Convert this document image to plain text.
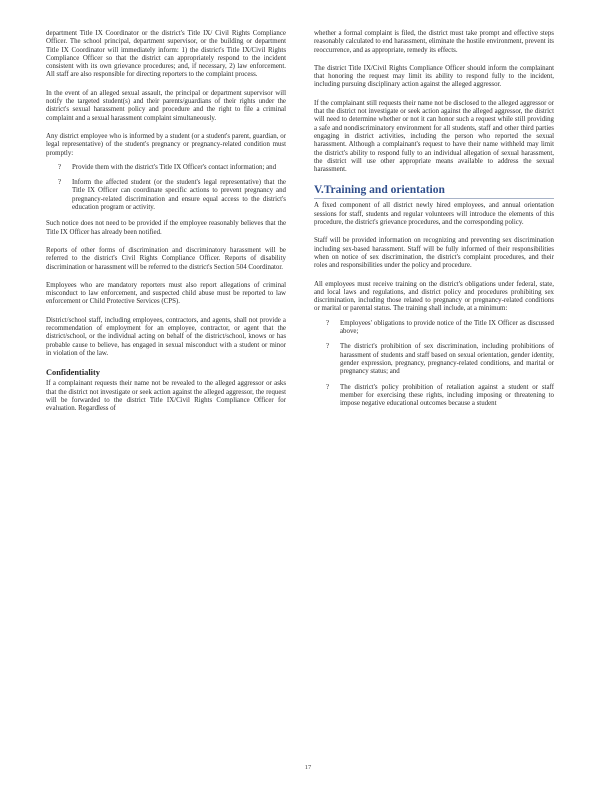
department Title IX Coordinator or the district's Title IX/ Civil Rights Compliance Officer. The school principal, department supervisor, or the building or department Title IX Coordinator will immediately inform: 1) the district's Title IX/Civil Rights Compliance Officer so that the district can appropriately respond to the incident consistent with its own grievance procedures; and, if necessary, 2) law enforcement. All staff are also responsible for directing reporters to the complaint process.

In the event of an alleged sexual assault, the principal or department supervisor will notify the targeted student(s) and their parents/guardians of their rights under the district's sexual harassment policy and procedure and the right to file a criminal complaint and a sexual harassment complaint simultaneously.

Any district employee who is informed by a student (or a student's parent, guardian, or legal representative) of the student's pregnancy or pregnancy-related condition must promptly:

? Provide them with the district's Title IX Officer's contact information; and
? Inform the affected student (or the student's legal representative) that the Title IX Officer can coordinate specific actions to prevent pregnancy and pregnancy-related discrimination and ensure equal access to the district's education program or activity.

Such notice does not need to be provided if the employee reasonably believes that the Title IX Officer has already been notified.

Reports of other forms of discrimination and discriminatory harassment will be referred to the district's Civil Rights Compliance Officer. Reports of disability discrimination or harassment will be referred to the district's Section 504 Coordinator.

Employees who are mandatory reporters must also report allegations of criminal misconduct to law enforcement, and suspected child abuse must be reported to law enforcement or Child Protective Services (CPS).

District/school staff, including employees, contractors, and agents, shall not provide a recommendation of employment for an employee, contractor, or agent that the district/school, or the individual acting on behalf of the district/school, knows or has probable cause to believe, has engaged in sexual misconduct with a student or minor in violation of the law.

Confidentiality

If a complainant requests their name not be revealed to the alleged aggressor or asks that the district not investigate or seek action against the alleged aggressor, the request will be forwarded to the district Title IX/Civil Rights Compliance Officer for evaluation. Regardless of

whether a formal complaint is filed, the district must take prompt and effective steps reasonably calculated to end harassment, eliminate the hostile environment, prevent its reoccurrence, and as appropriate, remedy its effects.

The district Title IX/Civil Rights Compliance Officer should inform the complainant that honoring the request may limit its ability to respond fully to the incident, including pursuing disciplinary action against the alleged aggressor.

If the complainant still requests their name not be disclosed to the alleged aggressor or that the district not investigate or seek action against the alleged aggressor, the district will need to determine whether or not it can honor such a request while still providing a safe and nondiscriminatory environment for all students, staff and other third parties engaging in district activities, including the person who reported the sexual harassment. Although a complainant's request to have their name withheld may limit the district's ability to respond fully to an individual allegation of sexual harassment, the district will use other appropriate means available to address the sexual harassment.

V.Training and orientation

A fixed component of all district newly hired employees, and annual orientation sessions for staff, students and regular volunteers will introduce the elements of this procedure, the district's grievance procedures, and the corresponding policy.

Staff will be provided information on recognizing and preventing sex discrimination including sex-based harassment. Staff will be fully informed of their responsibilities when on notice of sex discrimination, the district's complaint procedures, and their roles and responsibilities under the policy and procedure.

All employees must receive training on the district's obligations under federal, state, and local laws and regulations, and district policy and procedures prohibiting sex discrimination, including those related to pregnancy or pregnancy-related conditions or marital or parental status. The training shall include, at a minimum:

? Employees' obligations to provide notice of the Title IX Officer as discussed above;
? The district's prohibition of sex discrimination, including prohibitions of harassment of students and staff based on sexual orientation, gender identity, gender expression, pregnancy, pregnancy-related conditions, and marital or pregnancy status; and
? The district's policy prohibition of retaliation against a student or staff member for exercising these rights, including imposing or threatening to impose negative educational outcomes because a student
17
